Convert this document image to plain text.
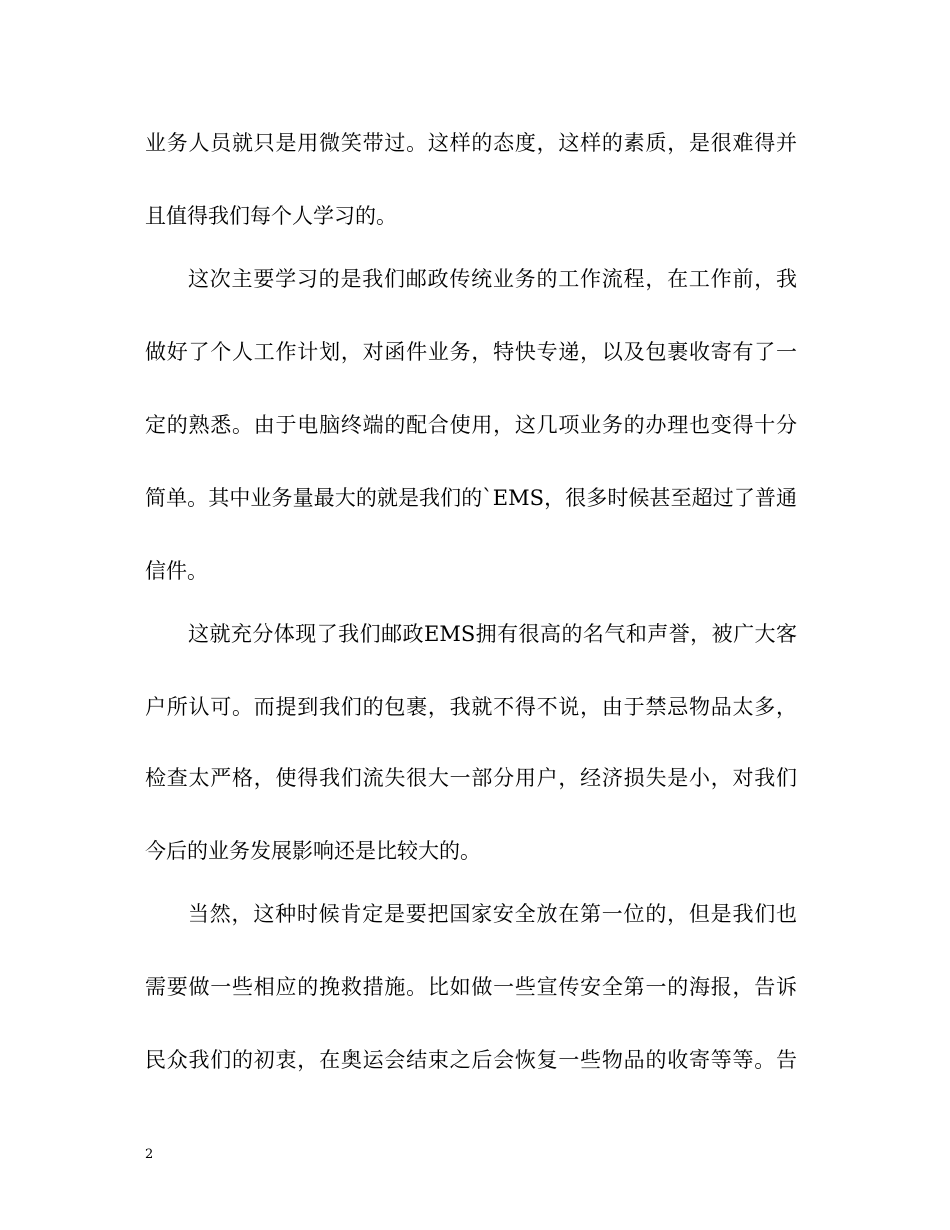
业务人员就只是用微笑带过。这样的态度，这样的素质，是很难得并
且值得我们每个人学习的。
这次主要学习的是我们邮政传统业务的工作流程，在工作前，我
做好了个人工作计划，对函件业务，特快专递，以及包裹收寄有了一
定的熟悉。由于电脑终端的配合使用，这几项业务的办理也变得十分
简单。其中业务量最大的就是我们的`EMS，很多时候甚至超过了普通
信件。
这就充分体现了我们邮政EMS拥有很高的名气和声誉，被广大客
户所认可。而提到我们的包裹，我就不得不说，由于禁忌物品太多，
检查太严格，使得我们流失很大一部分用户，经济损失是小，对我们
今后的业务发展影响还是比较大的。
当然，这种时候肯定是要把国家安全放在第一位的，但是我们也
需要做一些相应的挽救措施。比如做一些宣传安全第一的海报，告诉
民众我们的初衷，在奥运会结束之后会恢复一些物品的收寄等等。告
2
